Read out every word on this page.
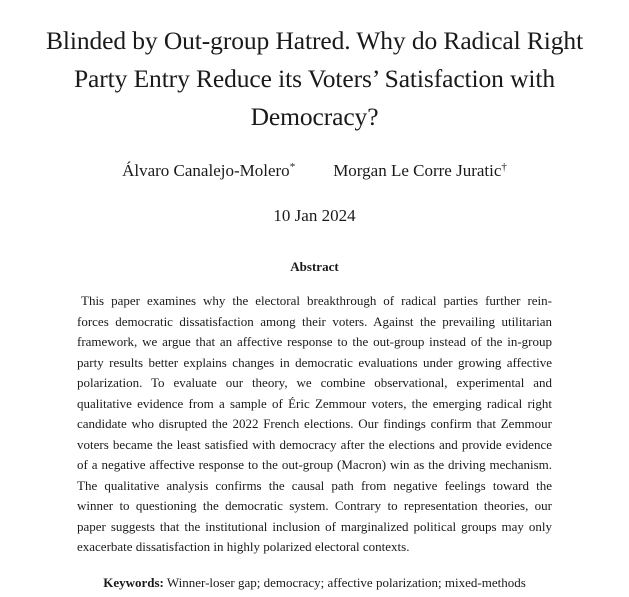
Blinded by Out-group Hatred. Why do Radical Right
Party Entry Reduce its Voters’ Satisfaction with
Democracy?
Álvaro Canalejo-Molero* Morgan Le Corre Juratic†
10 Jan 2024
Abstract
This paper examines why the electoral breakthrough of radical parties further rein-
forces democratic dissatisfaction among their voters. Against the prevailing utilitarian
framework, we argue that an affective response to the out-group instead of the in-group
party results better explains changes in democratic evaluations under growing affective
polarization. To evaluate our theory, we combine observational, experimental and
qualitative evidence from a sample of Éric Zemmour voters, the emerging radical right
candidate who disrupted the 2022 French elections. Our findings confirm that Zemmour
voters became the least satisfied with democracy after the elections and provide evidence
of a negative affective response to the out-group (Macron) win as the driving mechanism.
The qualitative analysis confirms the causal path from negative feelings toward the
winner to questioning the democratic system. Contrary to representation theories, our
paper suggests that the institutional inclusion of marginalized political groups may only
exacerbate dissatisfaction in highly polarized electoral contexts.
Keywords: Winner-loser gap; democracy; affective polarization; mixed-methods
